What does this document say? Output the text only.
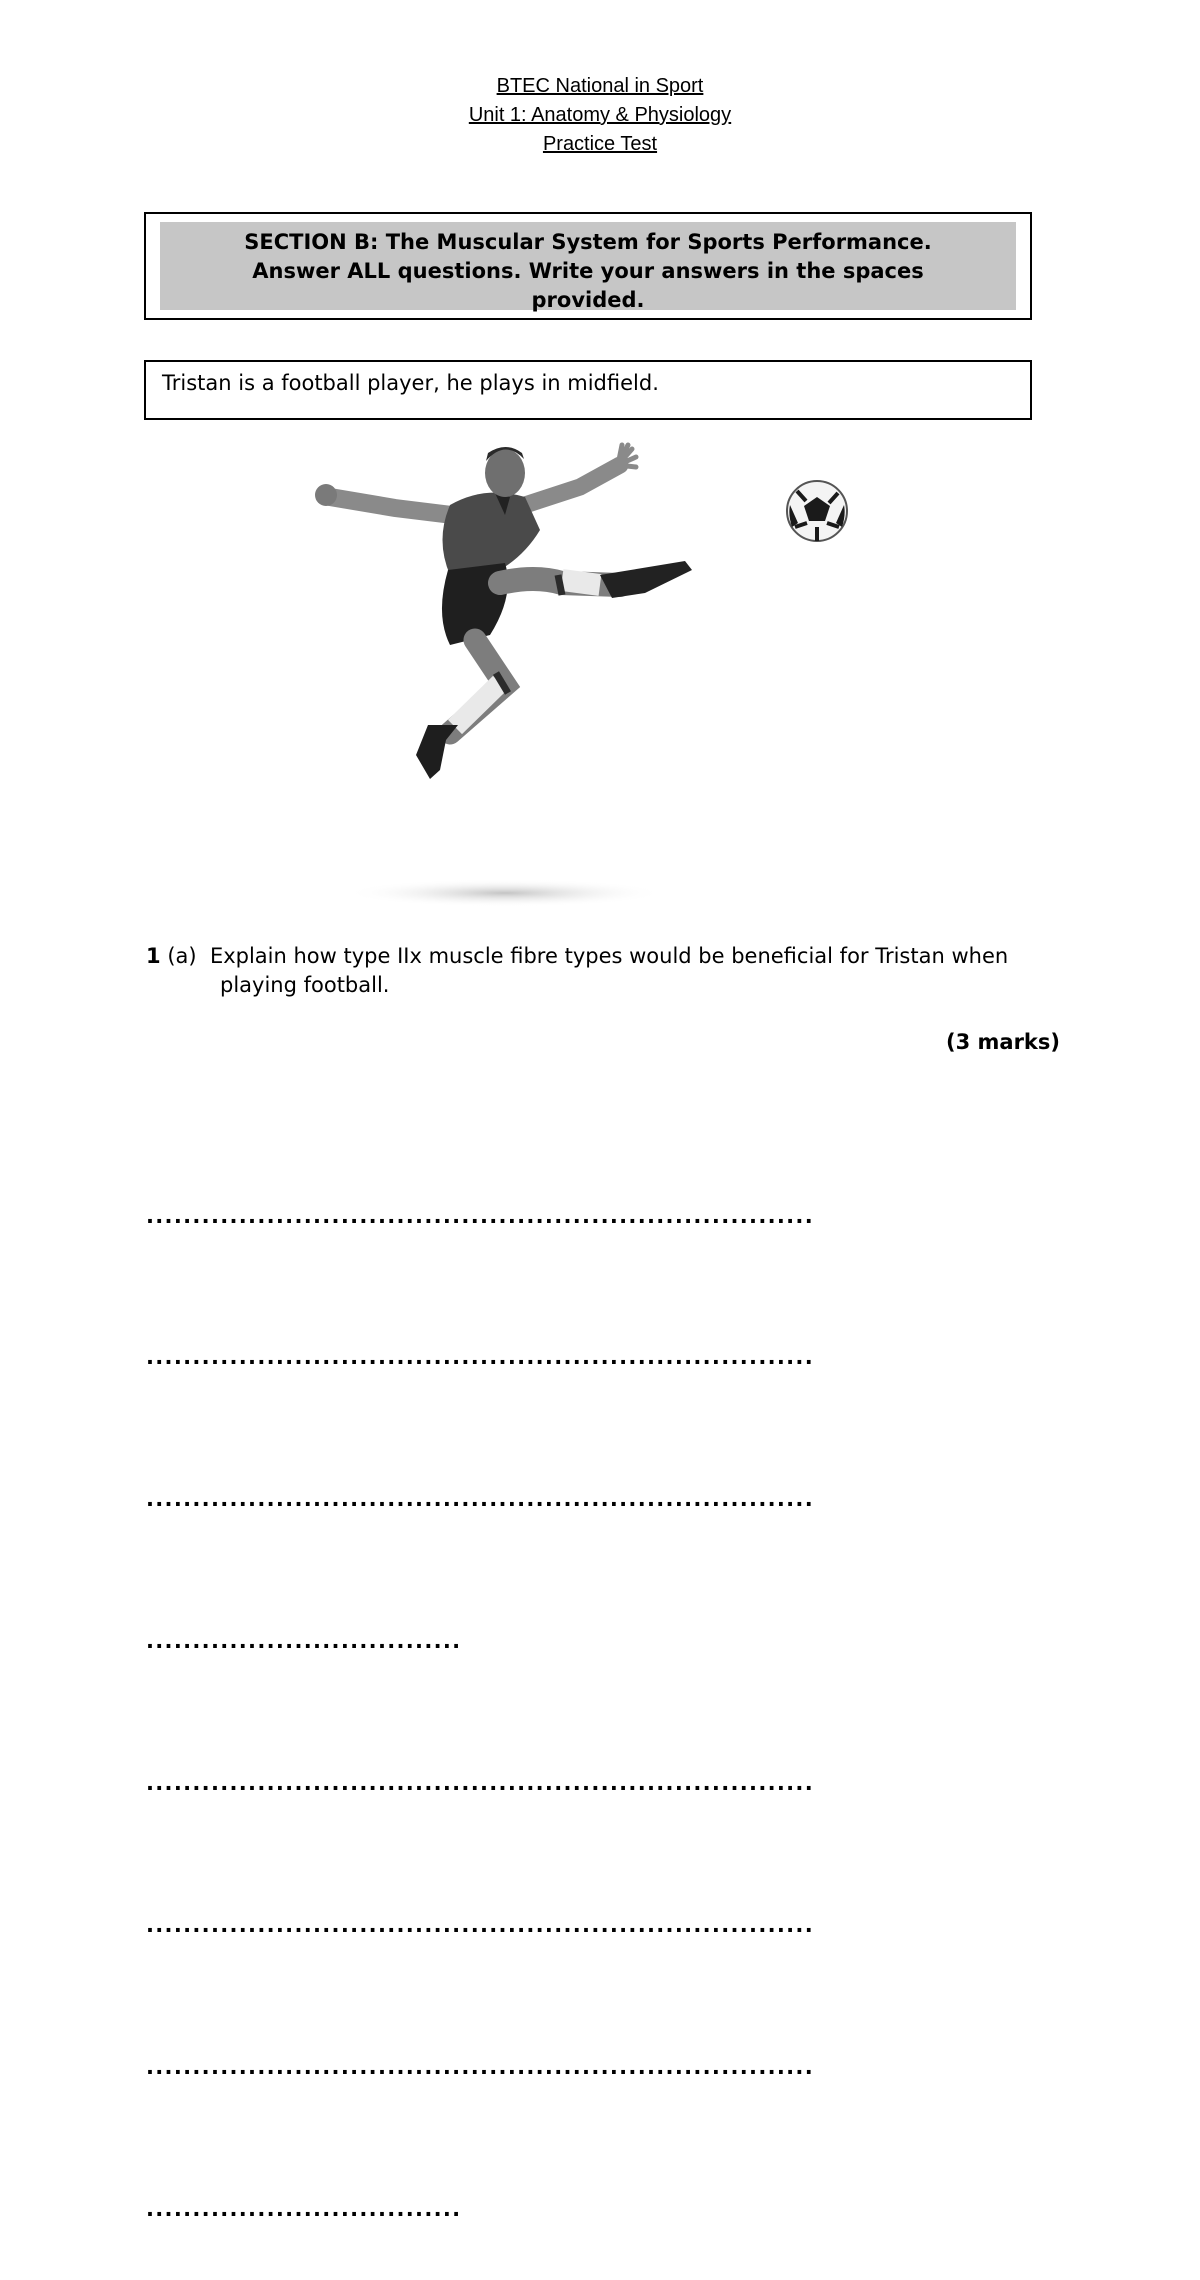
BTEC National in Sport
Unit 1: Anatomy & Physiology
Practice Test
SECTION B: The Muscular System for Sports Performance.
Answer ALL questions. Write your answers in the spaces
provided.
Tristan is a football player, he plays in midfield.
1 (a) Explain how type IIx muscle fibre types would be beneficial for Tristan when
playing football.
(3 marks)

........................................................................

........................................................................

........................................................................

..................................

........................................................................

........................................................................

........................................................................

..................................
